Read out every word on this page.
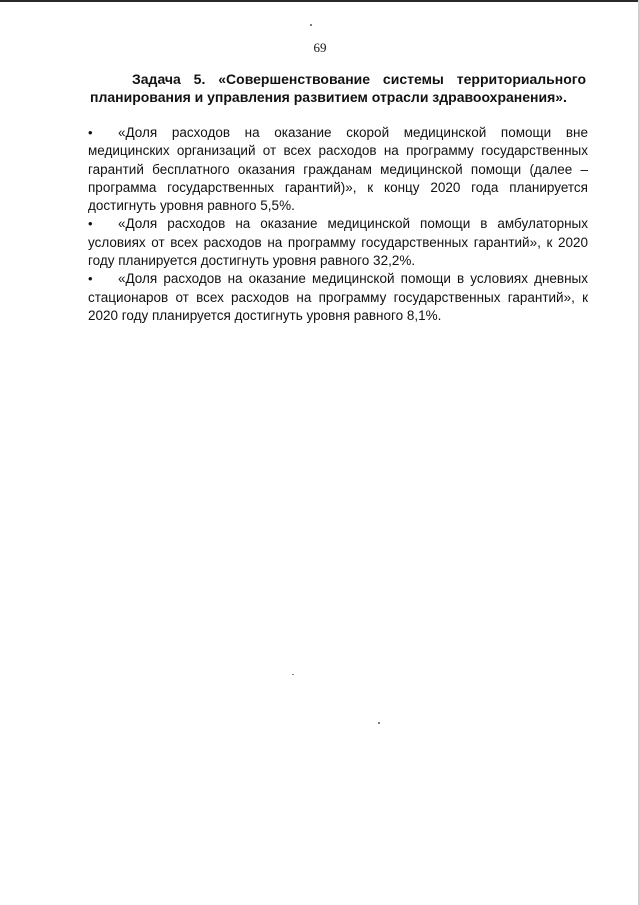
69
Задача 5. «Совершенствование системы территориального планирования и управления развитием отрасли здравоохранения».
• «Доля расходов на оказание скорой медицинской помощи вне медицинских организаций от всех расходов на программу государственных гарантий бесплатного оказания гражданам медицинской помощи (далее – программа государственных гарантий)», к концу 2020 года планируется достигнуть уровня равного 5,5%.
• «Доля расходов на оказание медицинской помощи в амбулаторных условиях от всех расходов на программу государственных гарантий», к 2020 году планируется достигнуть уровня равного 32,2%.
• «Доля расходов на оказание медицинской помощи в условиях дневных стационаров от всех расходов на программу государственных гарантий», к 2020 году планируется достигнуть уровня равного 8,1%.
